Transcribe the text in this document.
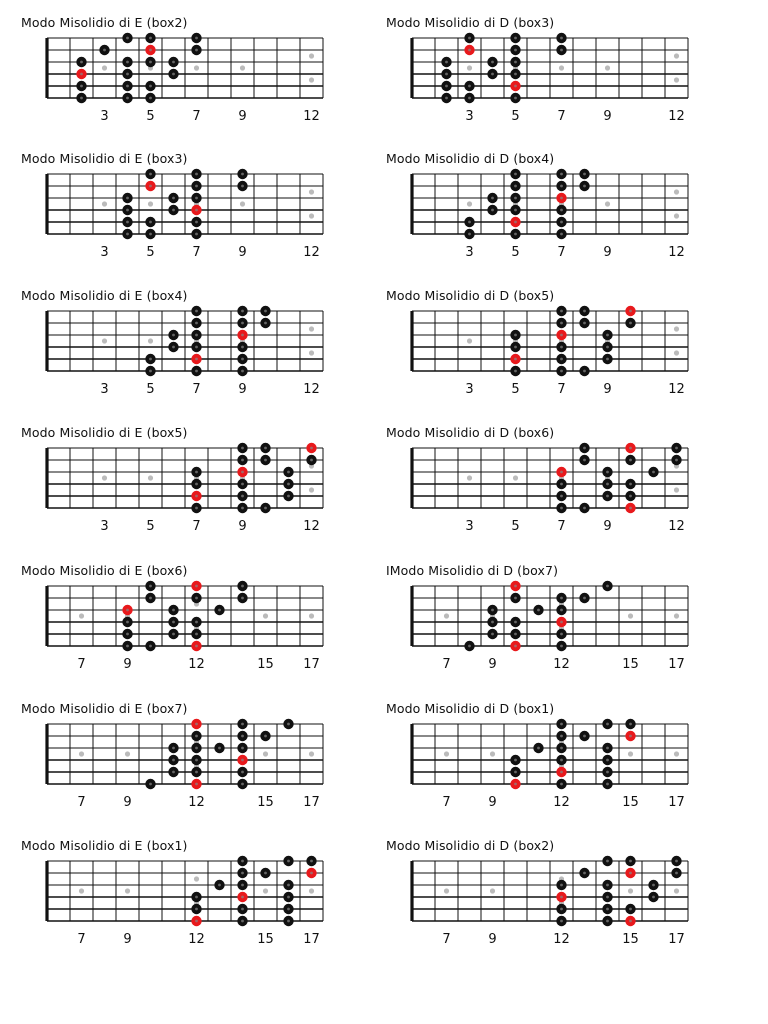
Modo Misolidio di E (box2)
3	5	7	9	12
Modo Misolidio di D (box3)
3	5	7	9	12
Modo Misolidio di E (box3)
3	5	7	9	12
Modo Misolidio di D (box4)
3	5	7	9	12
Modo Misolidio di E (box4)
3	5	7	9	12
Modo Misolidio di D (box5)
3	5	7	9	12
Modo Misolidio di E (box5)
3	5	7	9	12
Modo Misolidio di D (box6)
3	5	7	9	12
Modo Misolidio di E (box6)
7	9	12	15 17
IModo Misolidio di D (box7)
7	9	12	15 17
Modo Misolidio di E (box7)
7	9	12	15 17
Modo Misolidio di D (box1)
7	9	12	15 17
Modo Misolidio di E (box1)
7	9	12	15 17
Modo Misolidio di D (box2)
7	9	12	15 17
